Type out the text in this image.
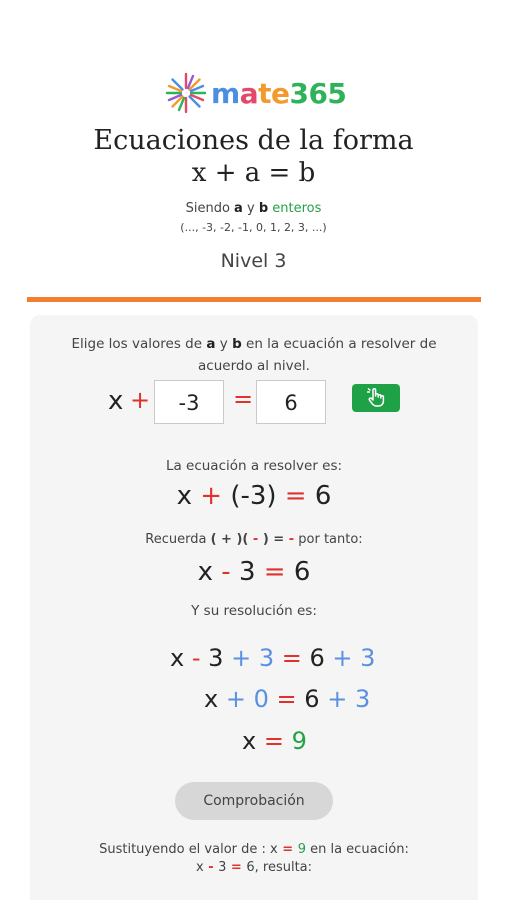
mate365
Ecuaciones de la forma
x + a = b
Siendo a y b enteros
(..., -3, -2, -1, 0, 1, 2, 3, ...)
Nivel 3
Elige los valores de a y b en la ecuación a resolver de acuerdo al nivel.
x +	-3	=	6
La ecuación a resolver es:
x + (-3) = 6
Recuerda ( + )( - ) = - por tanto:
x - 3 = 6
Y su resolución es:
x - 3 + 3 = 6 + 3
x + 0 = 6 + 3
x = 9
Comprobación
Sustituyendo el valor de : x = 9 en la ecuación:
x - 3 = 6, resulta:
